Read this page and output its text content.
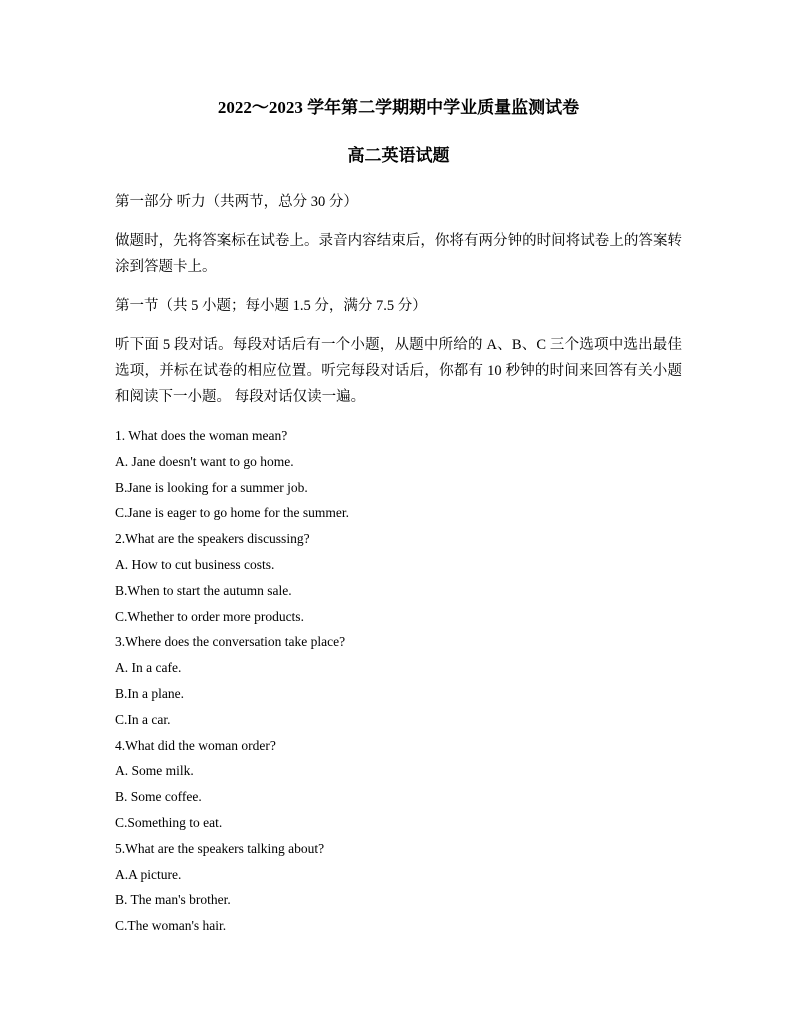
2022～2023 学年第二学期期中学业质量监测试卷
高二英语试题
第一部分 听力（共两节，总分 30 分）
做题时，先将答案标在试卷上。录音内容结束后，你将有两分钟的时间将试卷上的答案转涂到答题卡上。
第一节（共 5 小题；每小题 1.5 分，满分 7.5 分）
听下面 5 段对话。每段对话后有一个小题，从题中所给的 A、B、C 三个选项中选出最佳选项，并标在试卷的相应位置。听完每段对话后，你都有 10 秒钟的时间来回答有关小题和阅读下一小题。 每段对话仅读一遍。
1. What does the woman mean?
A. Jane doesn't want to go home.
B.Jane is looking for a summer job.
C.Jane is eager to go home for the summer.
2.What are the speakers discussing?
A. How to cut business costs.
B.When to start the autumn sale.
C.Whether to order more products.
3.Where does the conversation take place?
A. In a cafe.
B.In a plane.
C.In a car.
4.What did the woman order?
A. Some milk.
B. Some coffee.
C.Something to eat.
5.What are the speakers talking about?
A.A picture.
B. The man's brother.
C.The woman's hair.
